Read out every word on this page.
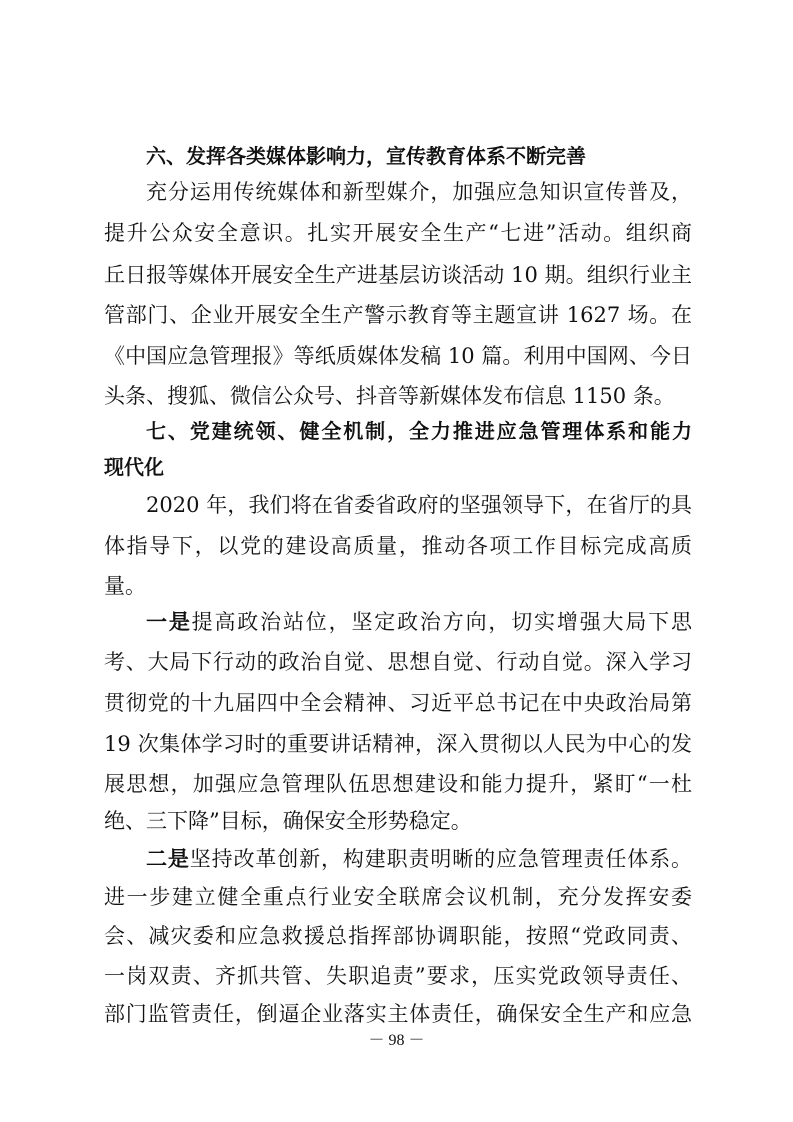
六、发挥各类媒体影响力，宣传教育体系不断完善
充分运用传统媒体和新型媒介，加强应急知识宣传普及，
提升公众安全意识。扎实开展安全生产“七进”活动。组织商
丘日报等媒体开展安全生产进基层访谈活动 10 期。组织行业主
管部门、企业开展安全生产警示教育等主题宣讲 1627 场。在
《中国应急管理报》等纸质媒体发稿 10 篇。利用中国网、今日
头条、搜狐、微信公众号、抖音等新媒体发布信息 1150 条。
七、党建统领、健全机制，全力推进应急管理体系和能力
现代化
2020 年，我们将在省委省政府的坚强领导下，在省厅的具
体指导下，以党的建设高质量，推动各项工作目标完成高质
量。
一是提高政治站位，坚定政治方向，切实增强大局下思
考、大局下行动的政治自觉、思想自觉、行动自觉。深入学习
贯彻党的十九届四中全会精神、习近平总书记在中央政治局第
19 次集体学习时的重要讲话精神，深入贯彻以人民为中心的发
展思想，加强应急管理队伍思想建设和能力提升，紧盯“一杜
绝、三下降”目标，确保安全形势稳定。
二是坚持改革创新，构建职责明晰的应急管理责任体系。
进一步建立健全重点行业安全联席会议机制，充分发挥安委
会、减灾委和应急救援总指挥部协调职能，按照“党政同责、
一岗双责、齐抓共管、失职追责”要求，压实党政领导责任、
部门监管责任，倒逼企业落实主体责任，确保安全生产和应急
－ 98 －
